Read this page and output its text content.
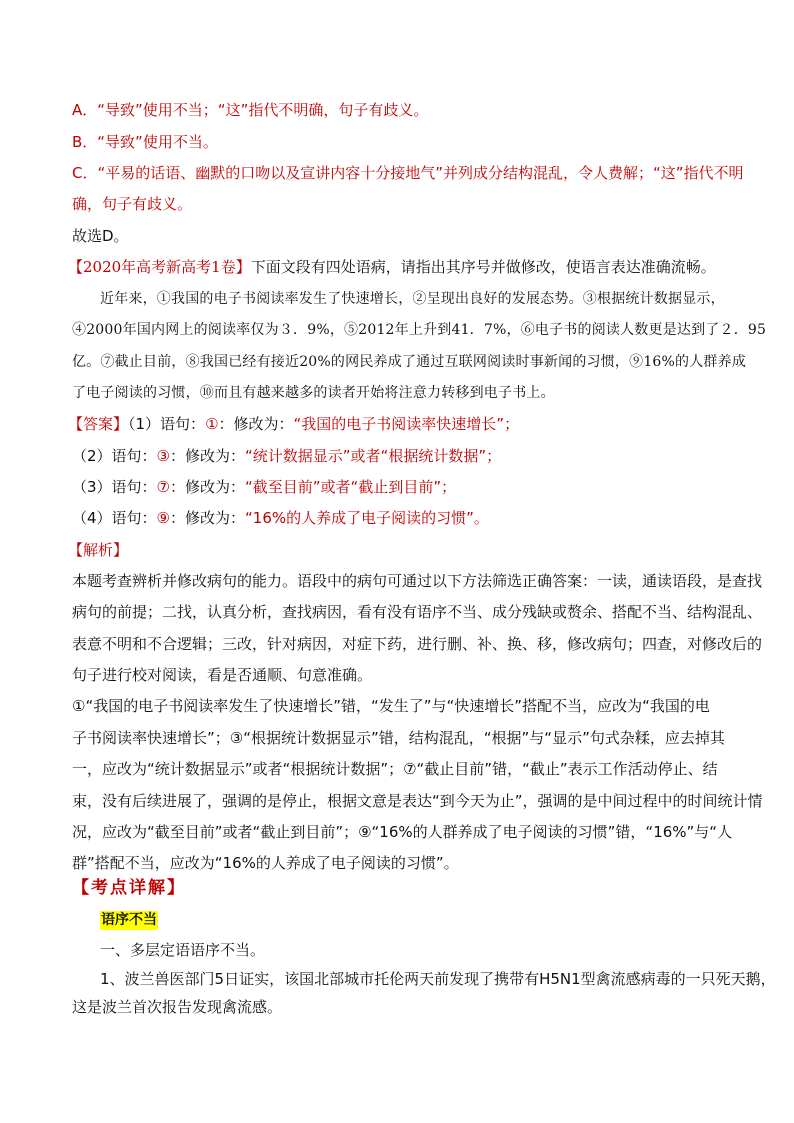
A．“导致”使用不当；“这”指代不明确，句子有歧义。
B．“导致”使用不当。
C．“平易的话语、幽默的口吻以及宣讲内容十分接地气”并列成分结构混乱，令人费解；“这”指代不明
确，句子有歧义。
故选D。
【2020年高考新高考1卷】下面文段有四处语病，请指出其序号并做修改，使语言表达准确流畅。
近年来，①我国的电子书阅读率发生了快速增长，②呈现出良好的发展态势。③根据统计数据显示，
④2000年国内网上的阅读率仅为３．9%，⑤2012年上升到41．7%，⑥电子书的阅读人数更是达到了２．95
亿。⑦截止目前，⑧我国已经有接近20%的网民养成了通过互联网阅读时事新闻的习惯，⑨16%的人群养成
了电子阅读的习惯，⑩而且有越来越多的读者开始将注意力转移到电子书上。
【答案】（1）语句：①：修改为：“我国的电子书阅读率快速增长”；
（2）语句：③：修改为：“统计数据显示”或者“根据统计数据”；
（3）语句：⑦：修改为：“截至目前”或者“截止到目前”；
（4）语句：⑨：修改为：“16%的人养成了电子阅读的习惯”。
【解析】
本题考查辨析并修改病句的能力。语段中的病句可通过以下方法筛选正确答案：一读，通读语段，是查找
病句的前提；二找，认真分析，查找病因，看有没有语序不当、成分残缺或赘余、搭配不当、结构混乱、
表意不明和不合逻辑；三改，针对病因，对症下药，进行删、补、换、移，修改病句；四查，对修改后的
句子进行校对阅读，看是否通顺、句意准确。
①“我国的电子书阅读率发生了快速增长”错，“发生了”与“快速增长”搭配不当，应改为“我国的电
子书阅读率快速增长”；③“根据统计数据显示”错，结构混乱，“根据”与“显示”句式杂糅，应去掉其
一，应改为“统计数据显示”或者“根据统计数据”；⑦“截止目前”错，“截止”表示工作活动停止、结
束，没有后续进展了，强调的是停止，根据文意是表达“到今天为止”，强调的是中间过程中的时间统计情
况，应改为“截至目前”或者“截止到目前”；⑨“16%的人群养成了电子阅读的习惯”错，“16%”与“人
群”搭配不当，应改为“16%的人养成了电子阅读的习惯”。
【考点详解】
语序不当
一、多层定语语序不当。
1、波兰兽医部门5日证实，该国北部城市托伦两天前发现了携带有H5N1型禽流感病毒的一只死天鹅，
这是波兰首次报告发现禽流感。
